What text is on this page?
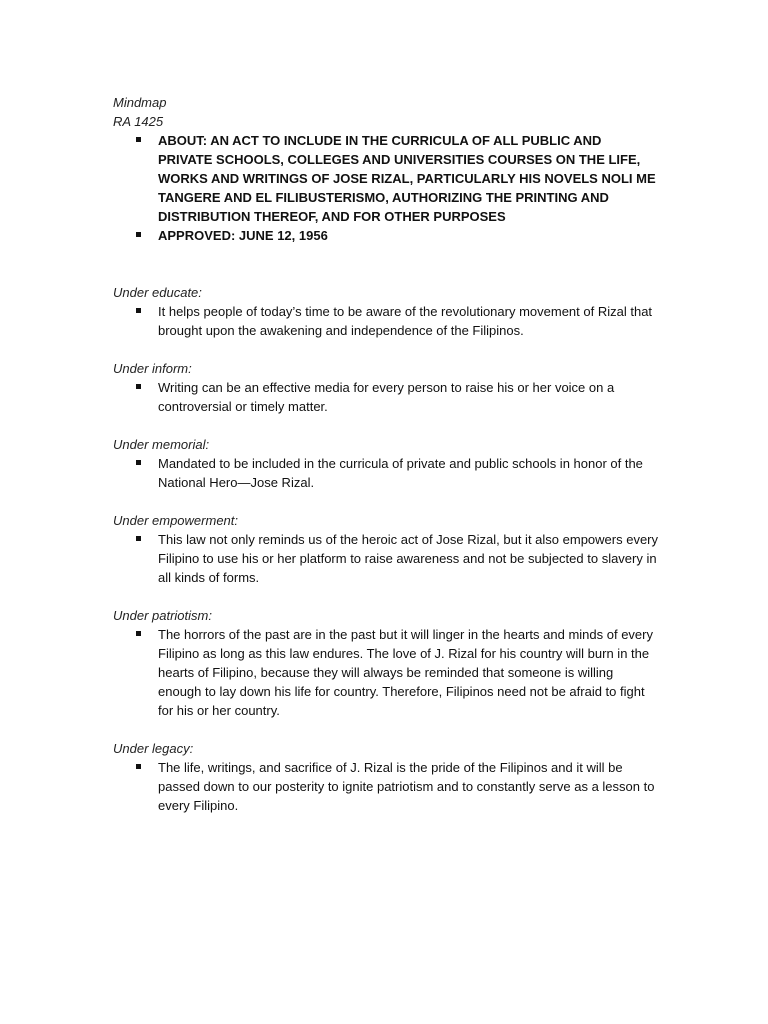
Mindmap

RA 1425

ABOUT: AN ACT TO INCLUDE IN THE CURRICULA OF ALL PUBLIC AND PRIVATE SCHOOLS, COLLEGES AND UNIVERSITIES COURSES ON THE LIFE, WORKS AND WRITINGS OF JOSE RIZAL, PARTICULARLY HIS NOVELS NOLI ME TANGERE AND EL FILIBUSTERISMO, AUTHORIZING THE PRINTING AND DISTRIBUTION THEREOF, AND FOR OTHER PURPOSES
APPROVED: JUNE 12, 1956

Under educate:

It helps people of today’s time to be aware of the revolutionary movement of Rizal that brought upon the awakening and independence of the Filipinos.

Under inform:

Writing can be an effective media for every person to raise his or her voice on a controversial or timely matter.

Under memorial:

Mandated to be included in the curricula of private and public schools in honor of the National Hero—Jose Rizal.

Under empowerment:

This law not only reminds us of the heroic act of Jose Rizal, but it also empowers every Filipino to use his or her platform to raise awareness and not be subjected to slavery in all kinds of forms.

Under patriotism:

The horrors of the past are in the past but it will linger in the hearts and minds of every Filipino as long as this law endures. The love of J. Rizal for his country will burn in the hearts of Filipino, because they will always be reminded that someone is willing enough to lay down his life for country. Therefore, Filipinos need not be afraid to fight for his or her country.

Under legacy:

The life, writings, and sacrifice of J. Rizal is the pride of the Filipinos and it will be passed down to our posterity to ignite patriotism and to constantly serve as a lesson to every Filipino.
